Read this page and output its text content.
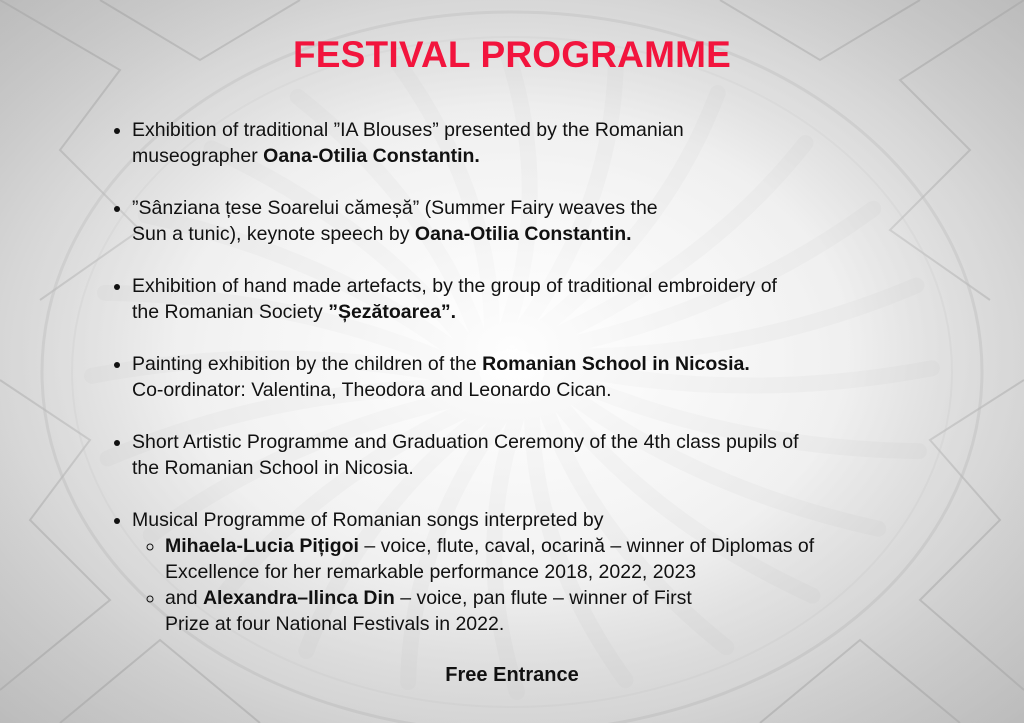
FESTIVAL PROGRAMME
• Exhibition of traditional ”IA Blouses” presented by the Romanian
museographer Oana-Otilia Constantin.
• ”Sânziana țese Soarelui cămeșă” (Summer Fairy weaves the
Sun a tunic), keynote speech by Oana-Otilia Constantin.
• Exhibition of hand made artefacts, by the group of traditional embroidery of
the Romanian Society ”Șezătoarea”.
• Painting exhibition by the children of the Romanian School in Nicosia.
Co-ordinator: Valentina, Theodora and Leonardo Cican.
• Short Artistic Programme and Graduation Ceremony of the 4th class pupils of
the Romanian School in Nicosia.
• Musical Programme of Romanian songs interpreted by
◦ Mihaela-Lucia Pițigoi – voice, flute, caval, ocarină – winner of Diplomas of
Excellence for her remarkable performance 2018, 2022, 2023
◦ and Alexandra–Ilinca Din – voice, pan flute – winner of First
Prize at four National Festivals in 2022.
Free Entrance
